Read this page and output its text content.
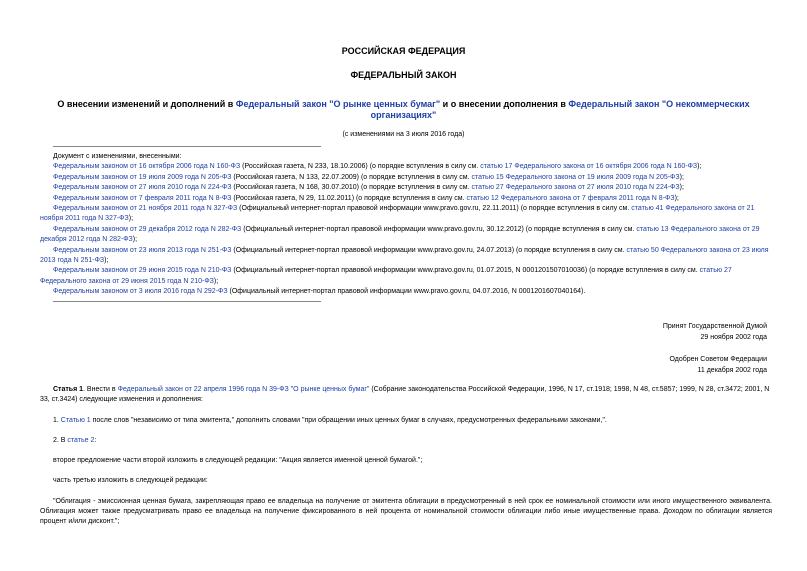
РОССИЙСКАЯ ФЕДЕРАЦИЯ
ФЕДЕРАЛЬНЫЙ ЗАКОН
О внесении изменений и дополнений в Федеральный закон "О рынке ценных бумаг" и о внесении дополнения в Федеральный закон "О некоммерческих организациях"
(с изменениями на 3 июля 2016 года)
Документ с изменениями, внесенными:
Федеральным законом от 16 октября 2006 года N 160-ФЗ (Российская газета, N 233, 18.10.2006) (о порядке вступления в силу см. статью 17 Федерального закона от 16 октября 2006 года N 160-ФЗ);
Федеральным законом от 19 июля 2009 года N 205-ФЗ (Российская газета, N 133, 22.07.2009) (о порядке вступления в силу см. статью 15 Федерального закона от 19 июля 2009 года N 205-ФЗ);
Федеральным законом от 27 июля 2010 года N 224-ФЗ (Российская газета, N 168, 30.07.2010) (о порядке вступления в силу см. статью 27 Федерального закона от 27 июля 2010 года N 224-ФЗ);
Федеральным законом от 7 февраля 2011 года N 8-ФЗ (Российская газета, N 29, 11.02.2011) (о порядке вступления в силу см. статью 12 Федерального закона от 7 февраля 2011 года N 8-ФЗ);
Федеральным законом от 21 ноября 2011 года N 327-ФЗ (Официальный интернет-портал правовой информации www.pravo.gov.ru, 22.11.2011) (о порядке вступления в силу см. статью 41 Федерального закона от 21 ноября 2011 года N 327-ФЗ);
Федеральным законом от 29 декабря 2012 года N 282-ФЗ (Официальный интернет-портал правовой информации www.pravo.gov.ru, 30.12.2012) (о порядке вступления в силу см. статью 13 Федерального закона от 29 декабря 2012 года N 282-ФЗ);
Федеральным законом от 23 июля 2013 года N 251-ФЗ (Официальный интернет-портал правовой информации www.pravo.gov.ru, 24.07.2013) (о порядке вступления в силу см. статью 50 Федерального закона от 23 июля 2013 года N 251-ФЗ);
Федеральным законом от 29 июня 2015 года N 210-ФЗ (Официальный интернет-портал правовой информации www.pravo.gov.ru, 01.07.2015, N 0001201507010036) (о порядке вступления в силу см. статью 27 Федерального закона от 29 июня 2015 года N 210-ФЗ);
Федеральным законом от 3 июля 2016 года N 292-ФЗ (Официальный интернет-портал правовой информации www.pravo.gov.ru, 04.07.2016, N 0001201607040164).
Принят Государственной Думой
29 ноября 2002 года
Одобрен Советом Федерации
11 декабря 2002 года

Статья 1. Внести в Федеральный закон от 22 апреля 1996 года N 39-ФЗ "О рынке ценных бумаг" (Собрание законодательства Российской Федерации, 1996, N 17, ст.1918; 1998, N 48, ст.5857; 1999, N 28, ст.3472; 2001, N 33, ст.3424) следующие изменения и дополнения:

1. Статью 1 после слов "независимо от типа эмитента," дополнить словами "при обращении иных ценных бумаг в случаях, предусмотренных федеральными законами,".

2. В статье 2:

второе предложение части второй изложить в следующей редакции: "Акция является именной ценной бумагой.";

часть третью изложить в следующей редакции:

"Облигация - эмиссионная ценная бумага, закрепляющая право ее владельца на получение от эмитента облигации в предусмотренный в ней срок ее номинальной стоимости или иного имущественного эквивалента. Облигация может также предусматривать право ее владельца на получение фиксированного в ней процента от номинальной стоимости облигации либо иные имущественные права. Доходом по облигации является процент и/или дисконт.";
